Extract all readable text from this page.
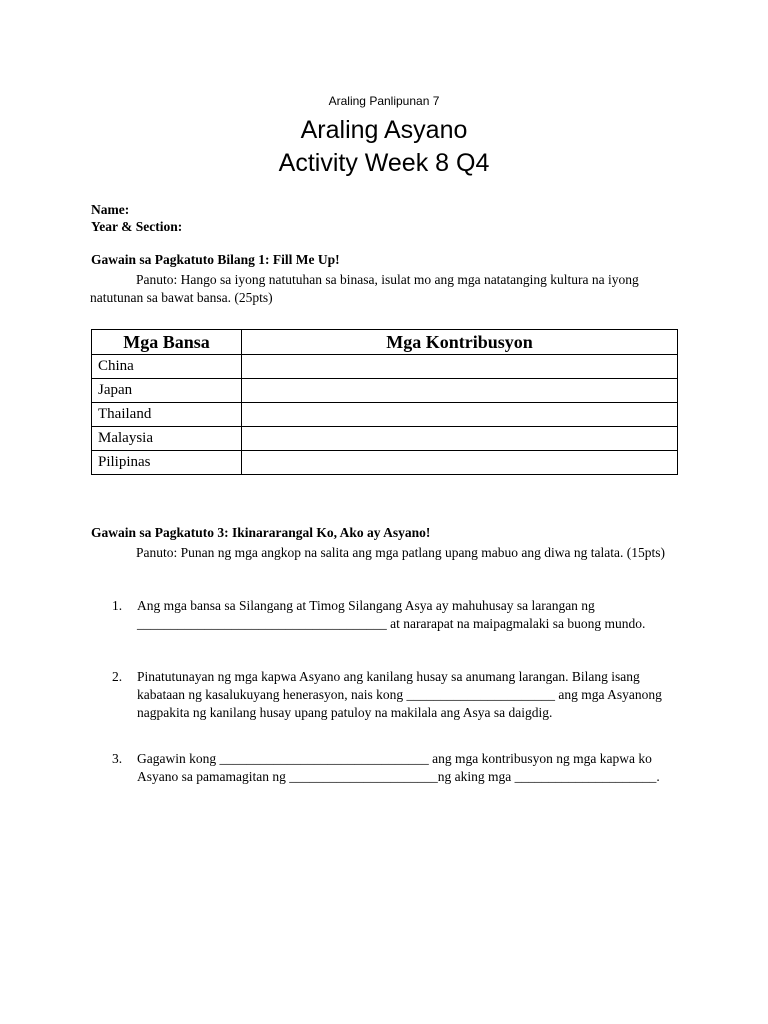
Araling Panlipunan 7
Araling Asyano
Activity Week 8 Q4
Name:
Year & Section:
Gawain sa Pagkatuto Bilang 1: Fill Me Up!
Panuto: Hango sa iyong natutuhan sa binasa, isulat mo ang mga natatanging kultura na iyong natutunan sa bawat bansa. (25pts)
Mga Bansa	Mga Kontribusyon
China	
Japan	
Thailand	
Malaysia	
Pilipinas	
Gawain sa Pagkatuto 3: Ikinararangal Ko, Ako ay Asyano!
Panuto: Punan ng mga angkop na salita ang mga patlang upang mabuo ang diwa ng talata. (15pts)
1. Ang mga bansa sa Silangang at Timog Silangang Asya ay mahuhusay sa larangan ng _____________________________________ at nararapat na maipagmalaki sa buong mundo.
2. Pinatutunayan ng mga kapwa Asyano ang kanilang husay sa anumang larangan. Bilang isang kabataan ng kasalukuyang henerasyon, nais kong ______________________ ang mga Asyanong nagpakita ng kanilang husay upang patuloy na makilala ang Asya sa daigdig.
3. Gagawin kong _______________________________ ang mga kontribusyon ng mga kapwa ko Asyano sa pamamagitan ng ______________________ng aking mga _____________________.
